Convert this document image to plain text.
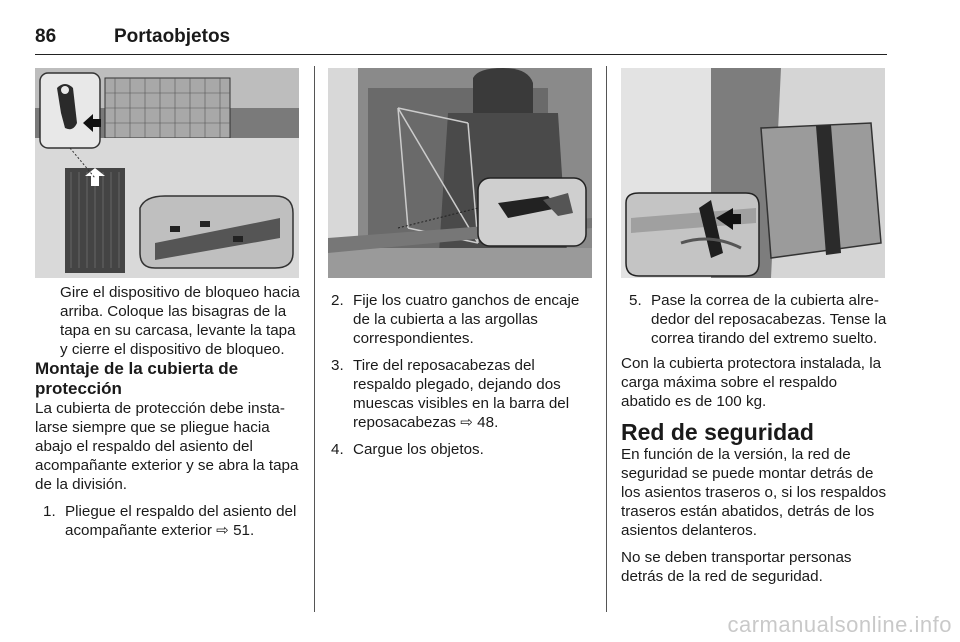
86	Portaobjetos

Gire el dispositivo de bloqueo hacia arriba. Coloque las bisagras de la tapa en su carcasa, levante la tapa y cierre el dispositivo de bloqueo.

Montaje de la cubierta de protección

La cubierta de protección debe instalarse siempre que se pliegue hacia abajo el respaldo del asiento del acompañante exterior y se abra la tapa de la división.

1. Pliegue el respaldo del asiento del acompañante exterior ⇨ 51.

2. Fije los cuatro ganchos de encaje de la cubierta a las argollas correspondientes.

3. Tire del reposacabezas del respaldo plegado, dejando dos muescas visibles en la barra del reposacabezas ⇨ 48.

4. Cargue los objetos.

5. Pase la correa de la cubierta alrededor del reposacabezas. Tense la correa tirando del extremo suelto.

Con la cubierta protectora instalada, la carga máxima sobre el respaldo abatido es de 100 kg.

Red de seguridad

En función de la versión, la red de seguridad se puede montar detrás de los asientos traseros o, si los respaldos traseros están abatidos, detrás de los asientos delanteros.

No se deben transportar personas detrás de la red de seguridad.

carmanualsonline.info
